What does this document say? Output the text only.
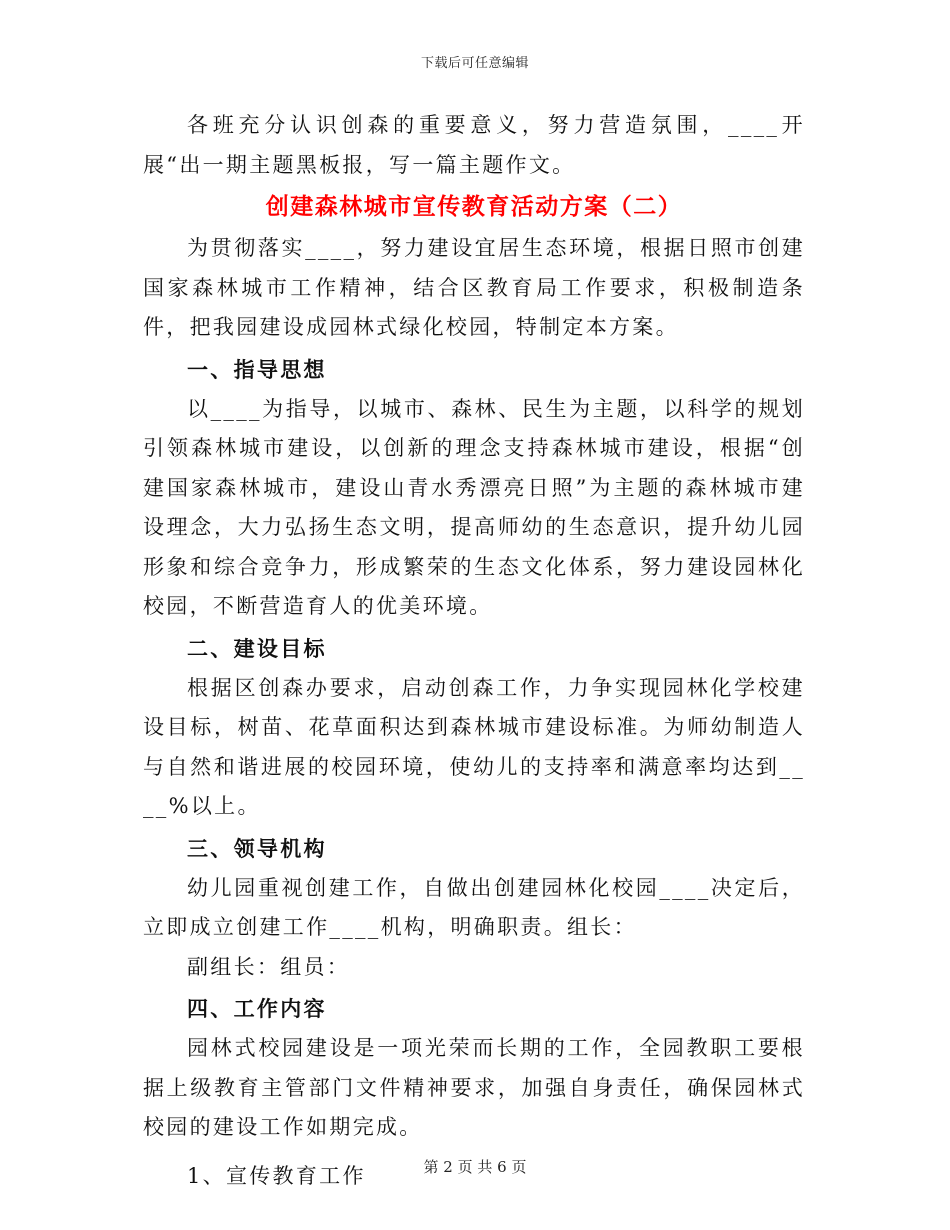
下载后可任意编辑

各班充分认识创森的重要意义，努力营造氛围，____开展“出一期主题黑板报，写一篇主题作文。

创建森林城市宣传教育活动方案（二）

为贯彻落实____，努力建设宜居生态环境，根据日照市创建国家森林城市工作精神，结合区教育局工作要求，积极制造条件，把我园建设成园林式绿化校园，特制定本方案。

一、指导思想

以____为指导，以城市、森林、民生为主题，以科学的规划引领森林城市建设，以创新的理念支持森林城市建设，根据“创建国家森林城市，建设山青水秀漂亮日照”为主题的森林城市建设理念，大力弘扬生态文明，提高师幼的生态意识，提升幼儿园形象和综合竞争力，形成繁荣的生态文化体系，努力建设园林化校园，不断营造育人的优美环境。

二、建设目标

根据区创森办要求，启动创森工作，力争实现园林化学校建设目标，树苗、花草面积达到森林城市建设标准。为师幼制造人与自然和谐进展的校园环境，使幼儿的支持率和满意率均达到____%以上。

三、领导机构

幼儿园重视创建工作，自做出创建园林化校园____决定后，立即成立创建工作____机构，明确职责。组长：

副组长：组员：

四、工作内容

园林式校园建设是一项光荣而长期的工作，全园教职工要根据上级教育主管部门文件精神要求，加强自身责任，确保园林式校园的建设工作如期完成。

1、宣传教育工作	第 2 页 共 6 页
